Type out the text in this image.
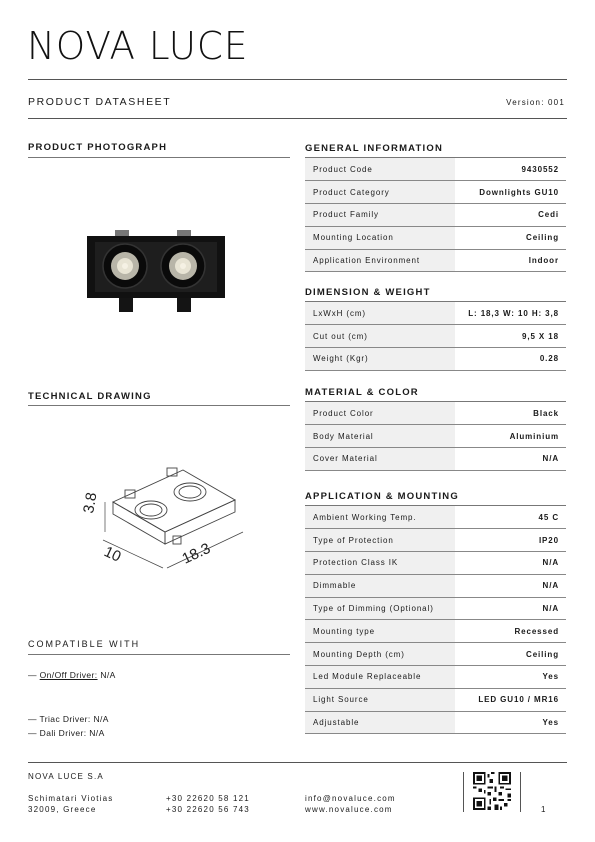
NOVA LUCE
PRODUCT DATASHEET	Version: 001
PRODUCT PHOTOGRAPH
TECHNICAL DRAWING
3.8
10	18.3
COMPATIBLE WITH
— On/Off Driver: N/A
— Triac Driver: N/A
— Dali Driver: N/A
GENERAL INFORMATION
Product Code	9430552
Product Category	Downlights GU10
Product Family	Cedi
Mounting Location	Ceiling
Application Environment	Indoor
DIMENSION & WEIGHT
LxWxH (cm)	L: 18,3 W: 10 H: 3,8
Cut out (cm)	9,5 X 18
Weight (Kgr)	0.28
MATERIAL & COLOR
Product Color	Black
Body Material	Aluminium
Cover Material	N/A
APPLICATION & MOUNTING
Ambient Working Temp.	45 C
Type of Protection	IP20
Protection Class IK	N/A
Dimmable	N/A
Type of Dimming (Optional)	N/A
Mounting type	Recessed
Mounting Depth (cm)	Ceiling
Led Module Replaceable	Yes
Light Source	LED GU10 / MR16
Adjustable	Yes
NOVA LUCE S.A
Schimatari Viotias
32009, Greece
+30 22620 58 121
+30 22620 56 743
info@novaluce.com
www.novaluce.com	1
